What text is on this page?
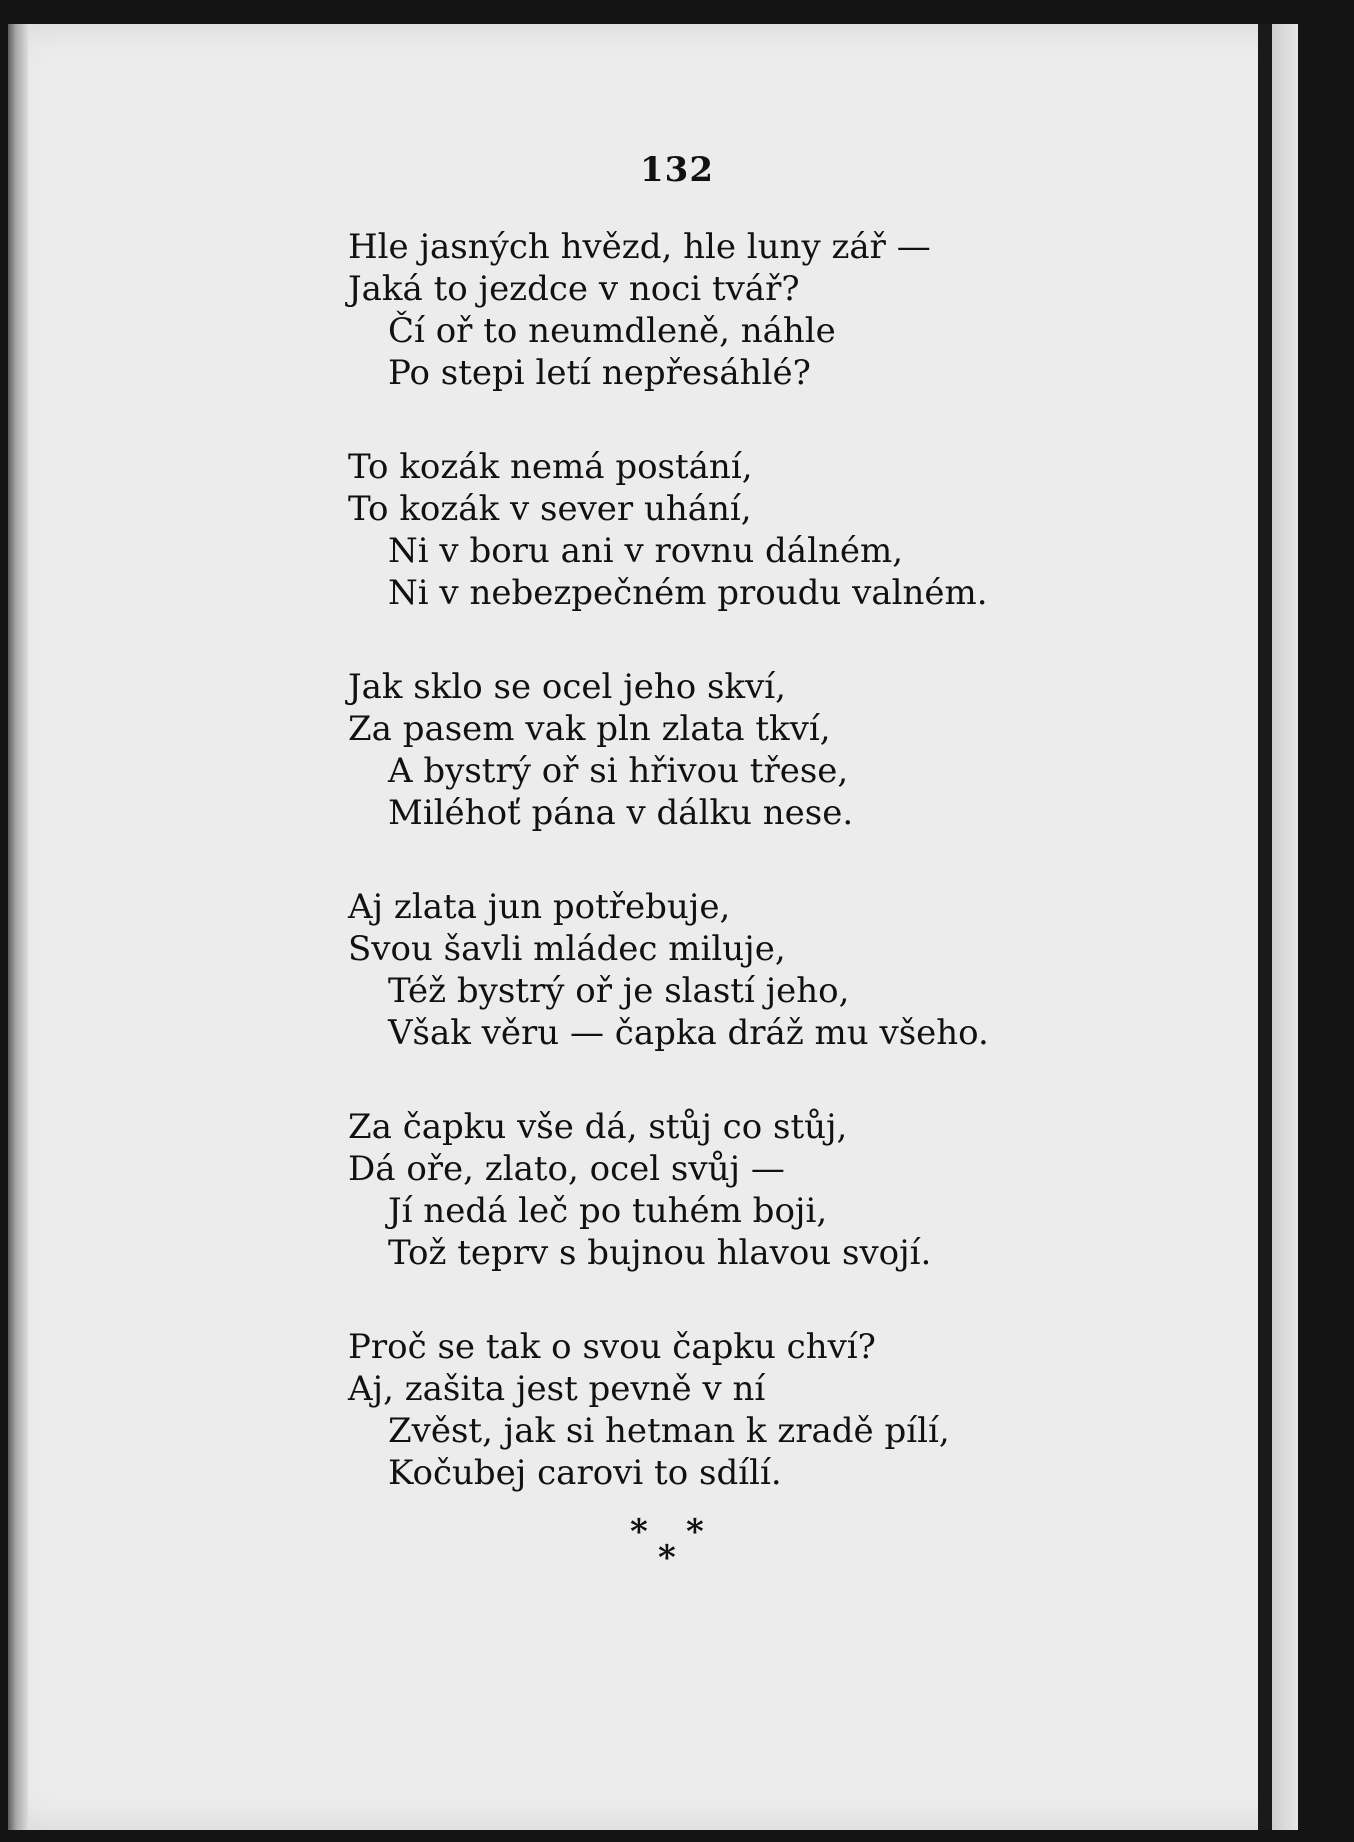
132
Hle jasných hvězd, hle luny zář —
Jaká to jezdce v noci tvář?
Čí oř to neumdleně, náhle
Po stepi letí nepřesáhlé?
To kozák nemá postání,
To kozák v sever uhání,
Ni v boru ani v rovnu dálném,
Ni v nebezpečném proudu valném.
Jak sklo se ocel jeho skví,
Za pasem vak pln zlata tkví,
A bystrý oř si hřivou třese,
Miléhoť pána v dálku nese.
Aj zlata jun potřebuje,
Svou šavli mládec miluje,
Též bystrý oř je slastí jeho,
Však věru — čapka dráž mu všeho.
Za čapku vše dá, stůj co stůj,
Dá oře, zlato, ocel svůj —
Jí nedá leč po tuhém boji,
Tož teprv s bujnou hlavou svojí.
Proč se tak o svou čapku chví?
Aj, zašita jest pevně v ní
Zvěst, jak si hetman k zradě pílí,
Kočubej carovi to sdílí.
*
*
*
